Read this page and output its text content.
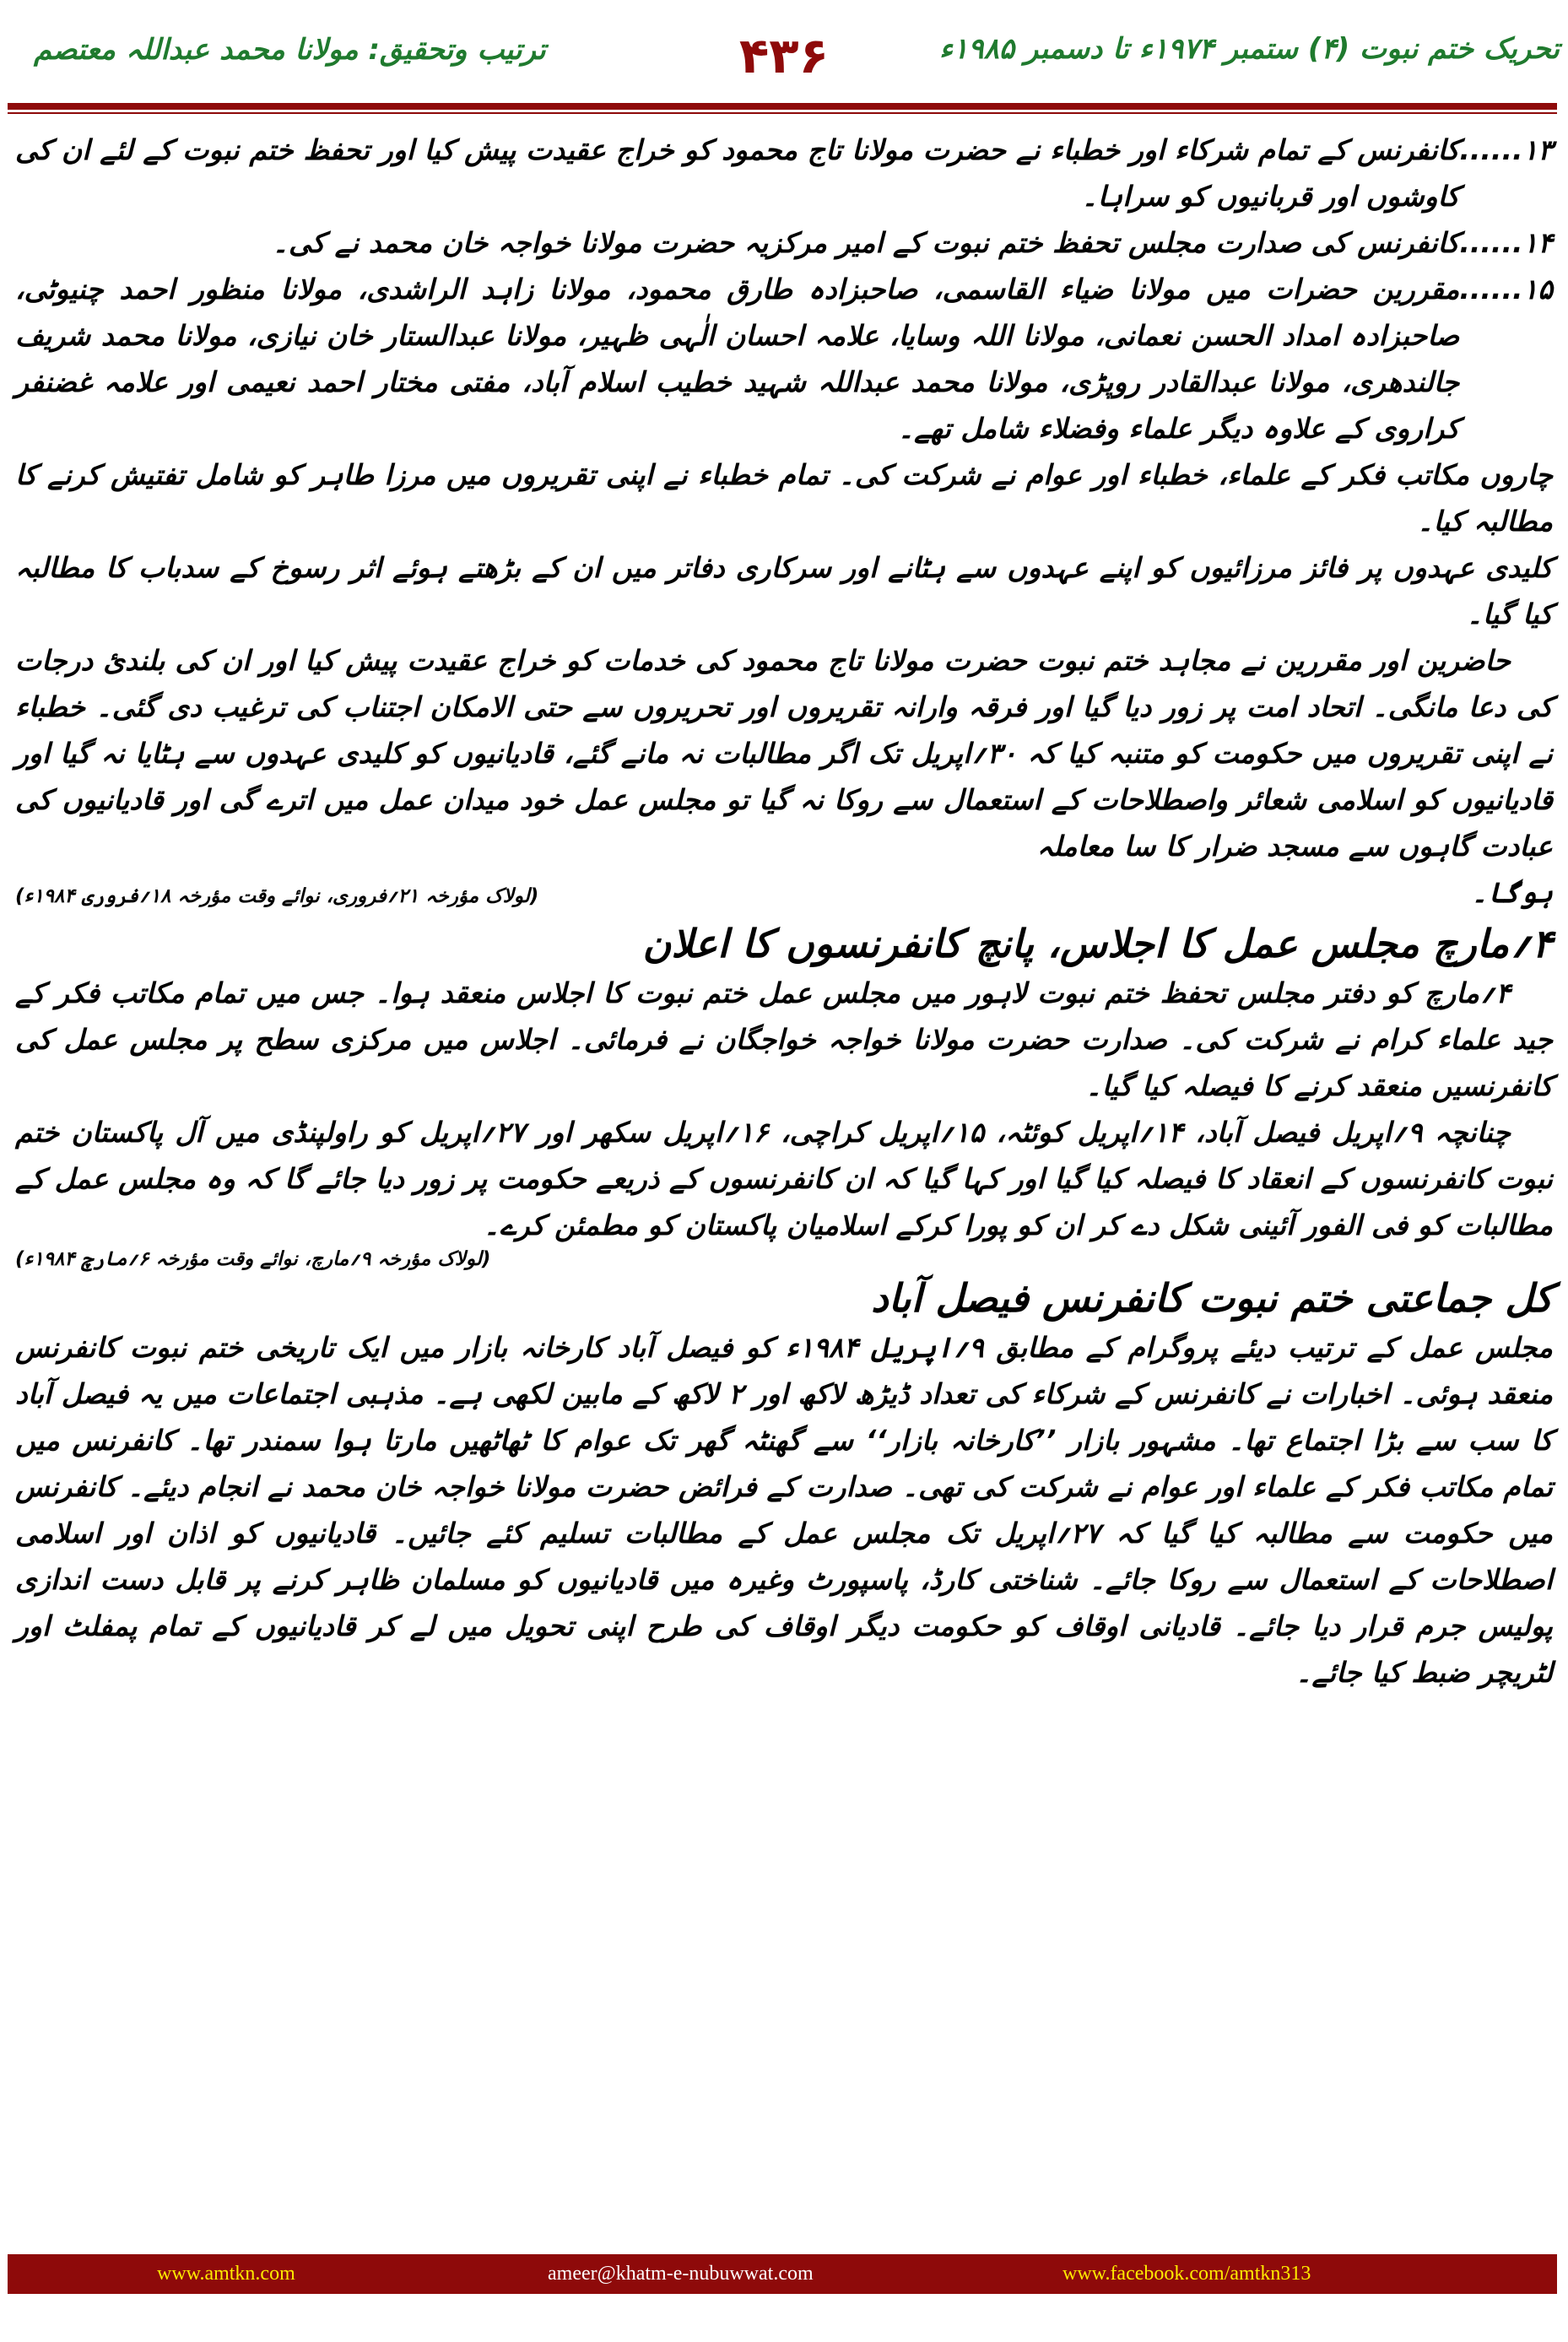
تحریک ختم نبوت (۴) ستمبر ۱۹۷۴ء تا دسمبر ۱۹۸۵ء
۴۳۶
ترتیب وتحقیق: مولانا محمد عبداللہ معتصم
۱۳......
کانفرنس کے تمام شرکاء اور خطباء نے حضرت مولانا تاج محمود کو خراج عقیدت پیش کیا اور تحفظ ختم نبوت کے لئے ان کی کاوشوں اور قربانیوں کو سراہا۔
۱۴......
کانفرنس کی صدارت مجلس تحفظ ختم نبوت کے امیر مرکزیہ حضرت مولانا خواجہ خان محمد نے کی۔
۱۵......
مقررین حضرات میں مولانا ضیاء القاسمی، صاحبزادہ طارق محمود، مولانا زاہد الراشدی، مولانا منظور احمد چنیوٹی، صاحبزادہ امداد الحسن نعمانی، مولانا اللہ وسایا، علامہ احسان الٰہی ظہیر، مولانا عبدالستار خان نیازی، مولانا محمد شریف جالندھری، مولانا عبدالقادر روپڑی، مولانا محمد عبداللہ شہید خطیب اسلام آباد، مفتی مختار احمد نعیمی اور علامہ غضنفر کراروی کے علاوہ دیگر علماء وفضلاء شامل تھے۔

چاروں مکاتب فکر کے علماء، خطباء اور عوام نے شرکت کی۔ تمام خطباء نے اپنی تقریروں میں مرزا طاہر کو شامل تفتیش کرنے کا مطالبہ کیا۔

کلیدی عہدوں پر فائز مرزائیوں کو اپنے عہدوں سے ہٹانے اور سرکاری دفاتر میں ان کے بڑھتے ہوئے اثر رسوخ کے سدباب کا مطالبہ کیا گیا۔

حاضرین اور مقررین نے مجاہد ختم نبوت حضرت مولانا تاج محمود کی خدمات کو خراج عقیدت پیش کیا اور ان کی بلندیٔ درجات کی دعا مانگی۔ اتحاد امت پر زور دیا گیا اور فرقہ وارانہ تقریروں اور تحریروں سے حتی الامکان اجتناب کی ترغیب دی گئی۔ خطباء نے اپنی تقریروں میں حکومت کو متنبہ کیا کہ ۳۰؍اپریل تک اگر مطالبات نہ مانے گئے، قادیانیوں کو کلیدی عہدوں سے ہٹایا نہ گیا اور قادیانیوں کو اسلامی شعائر واصطلاحات کے استعمال سے روکا نہ گیا تو مجلس عمل خود میدان عمل میں اترے گی اور قادیانیوں کی عبادت گاہوں سے مسجد ضرار کا سا معاملہ

ہوگا۔
(لولاک مؤرخہ ۲۱؍فروری، نوائے وقت مؤرخہ ۱۸؍فروری ۱۹۸۴ء)
۴؍مارچ مجلس عمل کا اجلاس، پانچ کانفرنسوں کا اعلان

۴؍مارچ کو دفتر مجلس تحفظ ختم نبوت لاہور میں مجلس عمل ختم نبوت کا اجلاس منعقد ہوا۔ جس میں تمام مکاتب فکر کے جید علماء کرام نے شرکت کی۔ صدارت حضرت مولانا خواجہ خواجگان نے فرمائی۔ اجلاس میں مرکزی سطح پر مجلس عمل کی کانفرنسیں منعقد کرنے کا فیصلہ کیا گیا۔

چنانچہ ۹؍اپریل فیصل آباد، ۱۴؍اپریل کوئٹہ، ۱۵؍اپریل کراچی، ۱۶؍اپریل سکھر اور ۲۷؍اپریل کو راولپنڈی میں آل پاکستان ختم نبوت کانفرنسوں کے انعقاد کا فیصلہ کیا گیا اور کہا گیا کہ ان کانفرنسوں کے ذریعے حکومت پر زور دیا جائے گا کہ وہ مجلس عمل کے مطالبات کو فی الفور آئینی شکل دے کر ان کو پورا کرکے اسلامیان پاکستان کو مطمئن کرے۔

(لولاک مؤرخہ ۹؍مارچ، نوائے وقت مؤرخہ ۶؍مارچ ۱۹۸۴ء)
کل جماعتی ختم نبوت کانفرنس فیصل آباد

مجلس عمل کے ترتیب دیئے پروگرام کے مطابق ۹؍اپریل ۱۹۸۴ء کو فیصل آباد کارخانہ بازار میں ایک تاریخی ختم نبوت کانفرنس منعقد ہوئی۔ اخبارات نے کانفرنس کے شرکاء کی تعداد ڈیڑھ لاکھ اور ۲ لاکھ کے مابین لکھی ہے۔ مذہبی اجتماعات میں یہ فیصل آباد کا سب سے بڑا اجتماع تھا۔ مشہور بازار ’’کارخانہ بازار‘‘ سے گھنٹہ گھر تک عوام کا ٹھاٹھیں مارتا ہوا سمندر تھا۔ کانفرنس میں تمام مکاتب فکر کے علماء اور عوام نے شرکت کی تھی۔ صدارت کے فرائض حضرت مولانا خواجہ خان محمد نے انجام دیئے۔ کانفرنس میں حکومت سے مطالبہ کیا گیا کہ ۲۷؍اپریل تک مجلس عمل کے مطالبات تسلیم کئے جائیں۔ قادیانیوں کو اذان اور اسلامی اصطلاحات کے استعمال سے روکا جائے۔ شناختی کارڈ، پاسپورٹ وغیرہ میں قادیانیوں کو مسلمان ظاہر کرنے پر قابل دست اندازی پولیس جرم قرار دیا جائے۔ قادیانی اوقاف کو حکومت دیگر اوقاف کی طرح اپنی تحویل میں لے کر قادیانیوں کے تمام پمفلٹ اور لٹریچر ضبط کیا جائے۔

www.amtkn.com	ameer@khatm-e-nubuwwat.com	www.facebook.com/amtkn313
